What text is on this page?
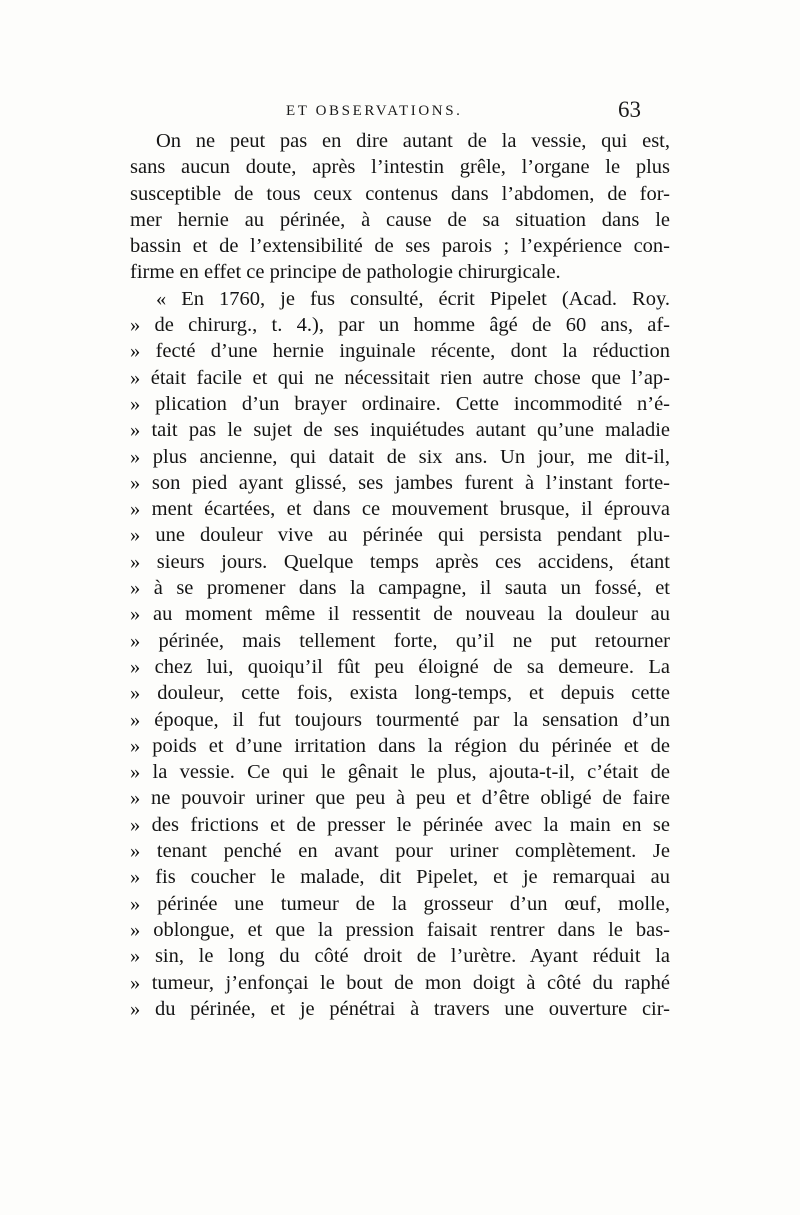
ET OBSERVATIONS.	63
On ne peut pas en dire autant de la vessie, qui est,
sans aucun doute, après l’intestin grêle, l’organe le plus
susceptible de tous ceux contenus dans l’abdomen, de for-
mer hernie au périnée, à cause de sa situation dans le
bassin et de l’extensibilité de ses parois ; l’expérience con-
firme en effet ce principe de pathologie chirurgicale.
« En 1760, je fus consulté, écrit Pipelet (Acad. Roy.
» de chirurg., t. 4.), par un homme âgé de 60 ans, af-
» fecté d’une hernie inguinale récente, dont la réduction
» était facile et qui ne nécessitait rien autre chose que l’ap-
» plication d’un brayer ordinaire. Cette incommodité n’é-
» tait pas le sujet de ses inquiétudes autant qu’une maladie
» plus ancienne, qui datait de six ans. Un jour, me dit-il,
» son pied ayant glissé, ses jambes furent à l’instant forte-
» ment écartées, et dans ce mouvement brusque, il éprouva
» une douleur vive au périnée qui persista pendant plu-
» sieurs jours. Quelque temps après ces accidens, étant
» à se promener dans la campagne, il sauta un fossé, et
» au moment même il ressentit de nouveau la douleur au
» périnée, mais tellement forte, qu’il ne put retourner
» chez lui, quoiqu’il fût peu éloigné de sa demeure. La
» douleur, cette fois, exista long-temps, et depuis cette
» époque, il fut toujours tourmenté par la sensation d’un
» poids et d’une irritation dans la région du périnée et de
» la vessie. Ce qui le gênait le plus, ajouta-t-il, c’était de
» ne pouvoir uriner que peu à peu et d’être obligé de faire
» des frictions et de presser le périnée avec la main en se
» tenant penché en avant pour uriner complètement. Je
» fis coucher le malade, dit Pipelet, et je remarquai au
» périnée une tumeur de la grosseur d’un œuf, molle,
» oblongue, et que la pression faisait rentrer dans le bas-
» sin, le long du côté droit de l’urètre. Ayant réduit la
» tumeur, j’enfonçai le bout de mon doigt à côté du raphé
» du périnée, et je pénétrai à travers une ouverture cir-
